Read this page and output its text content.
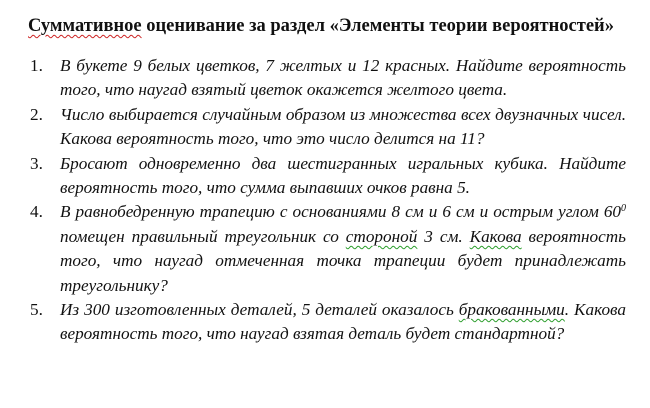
Суммативное оценивание за раздел «Элементы теории вероятностей»
1. В букете 9 белых цветков, 7 желтых и 12 красных. Найдите вероятность того, что наугад взятый цветок окажется желтого цвета.
2. Число выбирается случайным образом из множества всех двузначных чисел. Какова вероятность того, что это число делится на 11?
3. Бросают одновременно два шестигранных игральных кубика. Найдите вероятность того, что сумма выпавших очков равна 5.
4. В равнобедренную трапецию с основаниями 8 см и 6 см и острым углом $60^0$ помещен правильный треугольник со стороной 3 см. Какова вероятность того, что наугад отмеченная точка трапеции будет принадлежать треугольнику?
5. Из 300 изготовленных деталей, 5 деталей оказалось бракованными. Какова вероятность того, что наугад взятая деталь будет стандартной?
